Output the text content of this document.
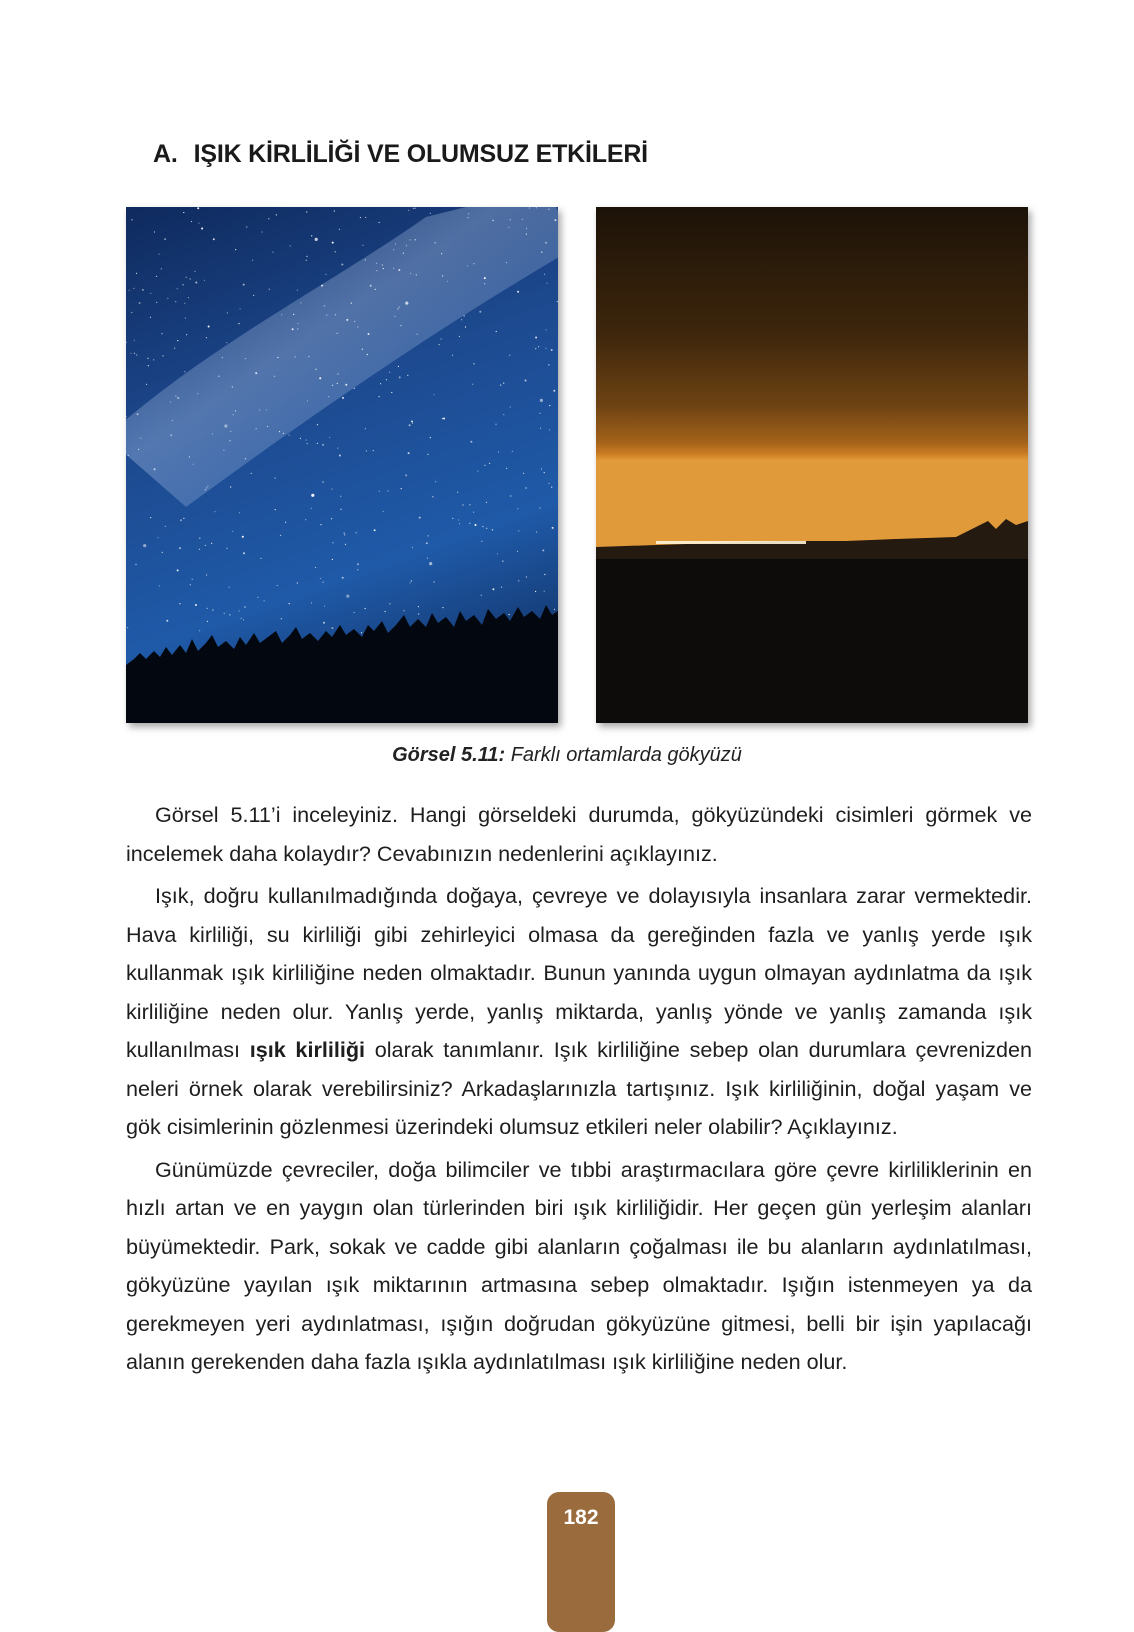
A. IŞIK KİRLİLİĞİ VE OLUMSUZ ETKİLERİ

Görsel 5.11: Farklı ortamlarda gökyüzü

Görsel 5.11’i inceleyiniz. Hangi görseldeki durumda, gökyüzündeki cisimleri görmek ve incelemek daha kolaydır? Cevabınızın nedenlerini açıklayınız.

Işık, doğru kullanılmadığında doğaya, çevreye ve dolayısıyla insanlara zarar vermektedir. Hava kirliliği, su kirliliği gibi zehirleyici olmasa da gereğinden fazla ve yanlış yerde ışık kullanmak ışık kirliliğine neden olmaktadır. Bunun yanında uygun olmayan aydınlatma da ışık kirliliğine neden olur. Yanlış yerde, yanlış miktarda, yanlış yönde ve yanlış zamanda ışık kullanılması ışık kirliliği olarak tanımlanır. Işık kirliliğine sebep olan durumlara çevrenizden neleri örnek olarak verebilirsiniz? Arkadaşlarınızla tartışınız. Işık kirliliğinin, doğal yaşam ve gök cisimlerinin gözlenmesi üzerindeki olumsuz etkileri neler olabilir? Açıklayınız.

Günümüzde çevreciler, doğa bilimciler ve tıbbi araştırmacılara göre çevre kirliliklerinin en hızlı artan ve en yaygın olan türlerinden biri ışık kirliliğidir. Her geçen gün yerleşim alanları büyümektedir. Park, sokak ve cadde gibi alanların çoğalması ile bu alanların aydınlatılması, gökyüzüne yayılan ışık miktarının artmasına sebep olmaktadır. Işığın istenmeyen ya da gerekmeyen yeri aydınlatması, ışığın doğrudan gökyüzüne gitmesi, belli bir işin yapılacağı alanın gerekenden daha fazla ışıkla aydınlatılması ışık kirliliğine neden olur.

182
